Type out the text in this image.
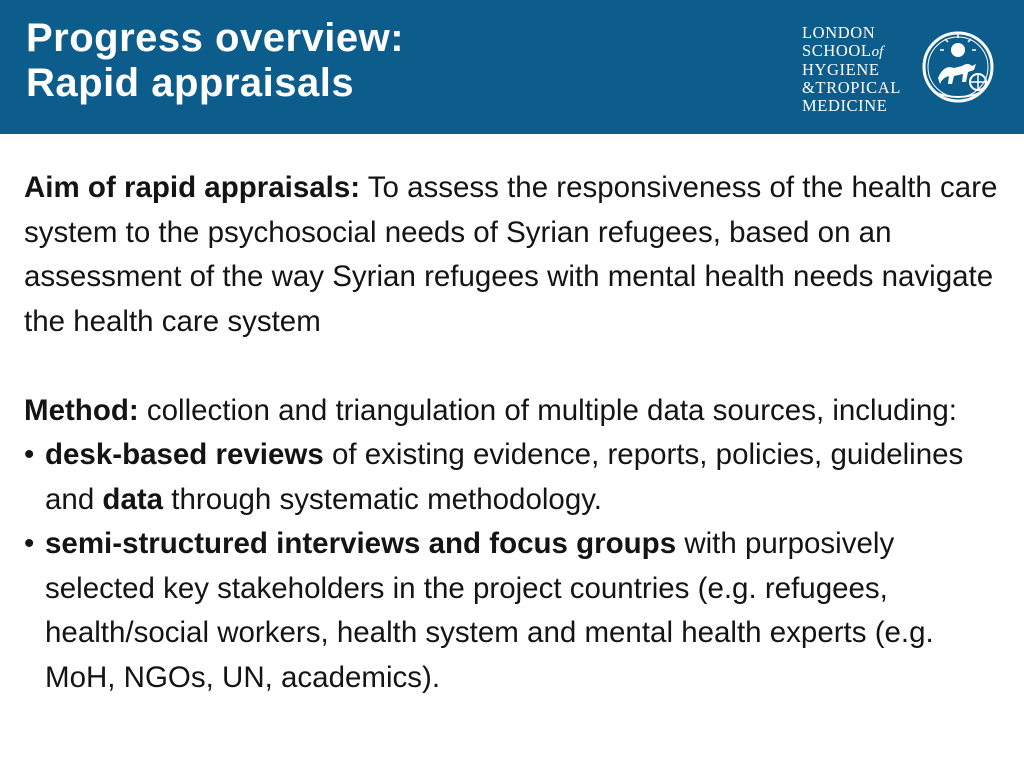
Progress overview:
Rapid appraisals
LONDON
SCHOOLof
HYGIENE
&TROPICAL
MEDICINE

Aim of rapid appraisals: To assess the responsiveness of the health care system to the psychosocial needs of Syrian refugees, based on an assessment of the way Syrian refugees with mental health needs navigate the health care system

Method: collection and triangulation of multiple data sources, including:

• desk-based reviews of existing evidence, reports, policies, guidelines and data through systematic methodology.

• semi-structured interviews and focus groups with purposively selected key stakeholders in the project countries (e.g. refugees, health/social workers, health system and mental health experts (e.g. MoH, NGOs, UN, academics).
